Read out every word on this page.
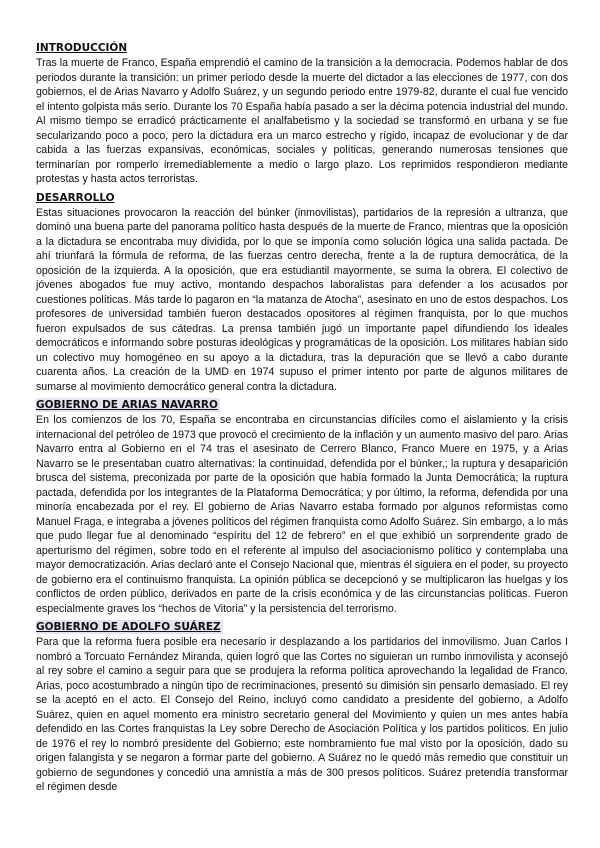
INTRODUCCIÓN

Tras la muerte de Franco, España emprendió el camino de la transición a la democracia. Podemos hablar de dos periodos durante la transición: un primer periodo desde la muerte del dictador a las elecciones de 1977, con dos gobiernos, el de Arias Navarro y Adolfo Suárez, y un segundo periodo entre 1979-82, durante el cual fue vencido el intento golpista más serio. Durante los 70 España había pasado a ser la décima potencia industrial del mundo. Al mismo tiempo se erradicó prácticamente el analfabetismo y la sociedad se transformó en urbana y se fue secularizando poco a poco, pero la dictadura era un marco estrecho y rígido, incapaz de evolucionar y de dar cabida a las fuerzas expansivas, económicas, sociales y políticas, generando numerosas tensiones que terminarían por romperlo irremediablemente a medio o largo plazo. Los reprimidos respondieron mediante protestas y hasta actos terroristas.

DESARROLLO

Estas situaciones provocaron la reacción del búnker (inmovilistas), partidarios de la represión a ultranza, que dominó una buena parte del panorama político hasta después de la muerte de Franco, mientras que la oposición a la dictadura se encontraba muy dividida, por lo que se imponía como solución lógica una salida pactada. De ahí triunfará la fórmula de reforma, de las fuerzas centro derecha, frente a la de ruptura democrática, de la oposición de la izquierda. A la oposición, que era estudiantil mayormente, se suma la obrera. El colectivo de jóvenes abogados fue muy activo, montando despachos laboralistas para defender a los acusados por cuestiones políticas. Más tarde lo pagaron en “la matanza de Atocha”, asesinato en uno de estos despachos. Los profesores de universidad también fueron destacados opositores al régimen franquista, por lo que muchos fueron expulsados de sus cátedras. La prensa también jugó un importante papel difundiendo los ideales democráticos e informando sobre posturas ideológicas y programáticas de la oposición. Los militares habían sido un colectivo muy homogéneo en su apoyo a la dictadura, tras la depuración que se llevó a cabo durante cuarenta años. La creación de la UMD en 1974 supuso el primer intento por parte de algunos militares de sumarse al movimiento democrático general contra la dictadura.

GOBIERNO DE ARIAS NAVARRO

En los comienzos de los 70, España se encontraba en circunstancias difíciles como el aislamiento y la crisis internacional del petróleo de 1973 que provocó el crecimiento de la inflación y un aumento masivo del paro. Arias Navarro entra al Gobierno en el 74 tras el asesinato de Cerrero Blanco, Franco Muere en 1975, y a Arias Navarro se le presentaban cuatro alternativas: la continuidad, defendida por el búnker,; la ruptura y desaparición brusca del sistema, preconizada por parte de la oposición que había formado la Junta Democrática; la ruptura pactada, defendida por los integrantes de la Plataforma Democrática; y por último, la reforma, defendida por una minoría encabezada por el rey. El gobierno de Arias Navarro estaba formado por algunos reformistas como Manuel Fraga, e integraba a jóvenes políticos del régimen franquista como Adolfo Suárez. Sin embargo, a lo más que pudo llegar fue al denominado “espíritu del 12 de febrero” en el que exhibió un sorprendente grado de aperturismo del régimen, sobre todo en el referente al impulso del asociacionismo político y contemplaba una mayor democratización. Arias declaró ante el Consejo Nacional que, mientras él siguiera en el poder, su proyecto de gobierno era el continuismo franquista. La opinión pública se decepcionó y se multiplicaron las huelgas y los conflictos de orden público, derivados en parte de la crisis económica y de las circunstancias políticas. Fueron especialmente graves los “hechos de Vitoria” y la persistencia del terrorismo.

GOBIERNO DE ADOLFO SUÁREZ

Para que la reforma fuera posible era necesario ir desplazando a los partidarios del inmovilismo. Juan Carlos I nombró a Torcuato Fernández Miranda, quien logró que las Cortes no siguieran un rumbo inmovilista y aconsejó al rey sobre el camino a seguir para que se produjera la reforma política aprovechando la legalidad de Franco. Arias, poco acostumbrado a ningún tipo de recriminaciones, presentó su dimisión sin pensarlo demasiado. El rey se la aceptó en el acto. El Consejo del Reino, incluyó como candidato a presidente del gobierno, a Adolfo Suárez, quien en aquel momento era ministro secretario general del Movimiento y quien un mes antes había defendido en las Cortes franquistas la Ley sobre Derecho de Asociación Política y los partidos políticos. En julio de 1976 el rey lo nombró presidente del Gobierno; este nombramiento fue mal visto por la oposición, dado su origen falangista y se negaron a formar parte del gobierno. A Suárez no le quedó más remedio que constituir un gobierno de segundones y concedió una amnistía a más de 300 presos políticos. Suárez pretendía transformar el régimen desde
